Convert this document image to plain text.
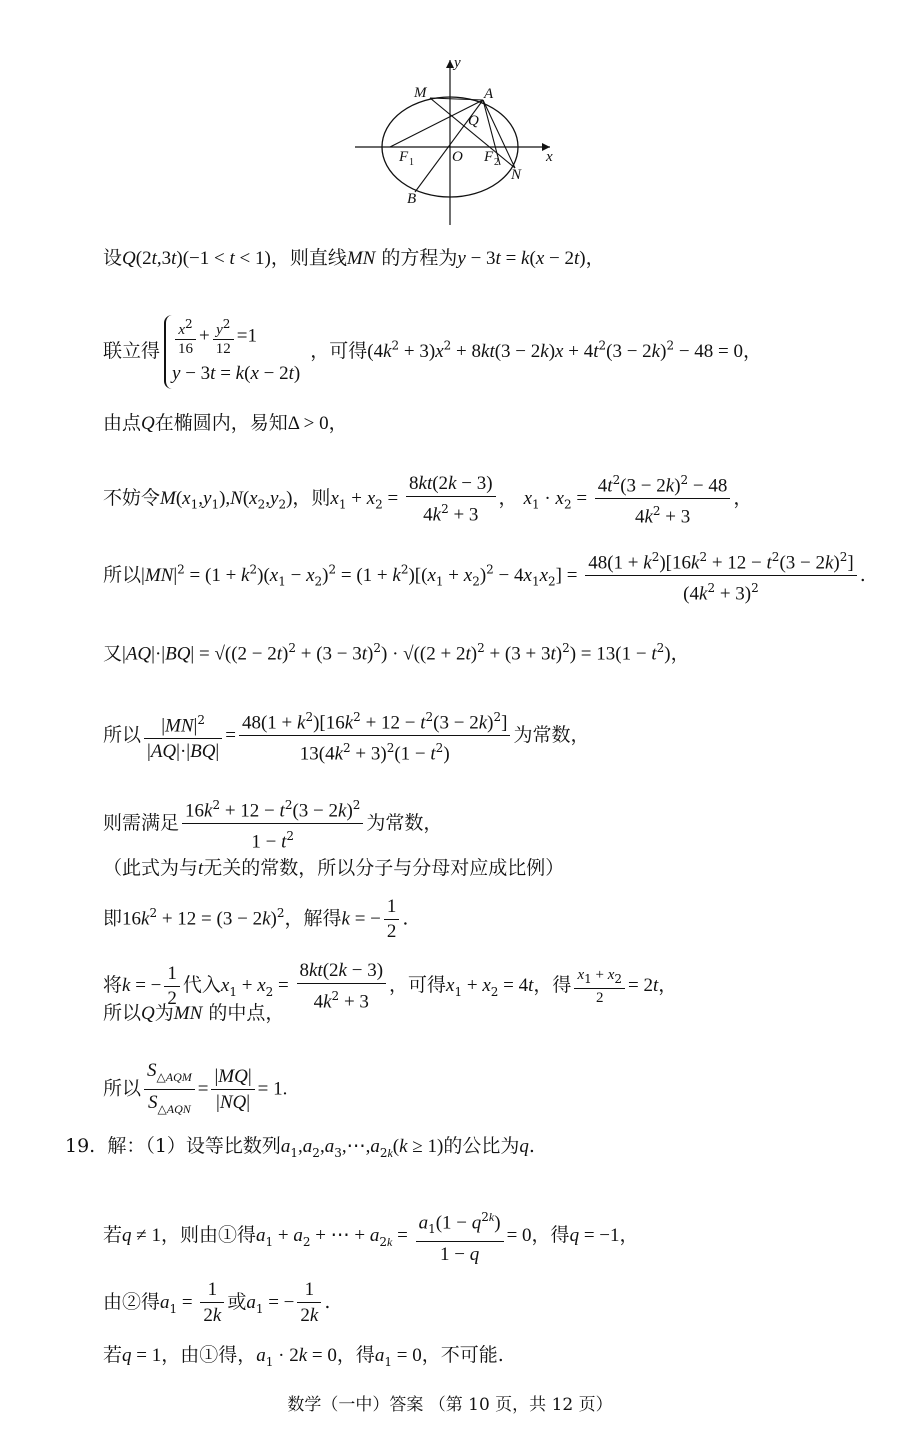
y
x
M	A
Q
F 1	O F 2
N
B
设Q(2t,3t)(−1 < t < 1)，则直线MN 的方程为y − 3t = k(x − 2t)，
联立得 $\frac{x^2}{16} + \frac{y^2}{12} =1$
y − 3t = k(x − 2t)
，可得$(4k^2 + 3)x^2 + 8kt(3 - 2k)x + 4t^2(3 - 2k)^2 - 48 = 0$，
由点Q在椭圆内，易知Δ > 0，
不妨令$M(x_1,y_1),N(x_2,y_2)$，则$x_1 + x_2 = \frac{8kt(2k - 3)}{4k^2 + 3}$ ， $x_1 \cdot x_2 = \frac{4t^2(3 - 2k)^2 - 48}{4k^2 + 3}$ ，
所以$|MN|^2 = (1 + k^2)(x_1 - x_2)^2 = (1 + k^2)[(x_1 + x_2)^2 - 4x_1x_2] = \frac{48(1 + k^2)[16k^2 + 12 - t^2(3 - 2k)^2]}{(4k^2 + 3)^2}$ .
又$|AQ|\cdot|BQ| = √((2 - 2t)^2 + (3 - 3t)^2) \cdot √((2 + 2t)^2 + (3 + 3t)^2) = 13(1 - t^2)$，
所以 $\frac{|MN|^2}{|AQ|\cdot|BQ|} = \frac{48(1 + k^2)[16k^2 + 12 - t^2(3 - 2k)^2]}{13(4k^2 + 3)^2(1 - t^2)}$ 为常数，
则需满足 $\frac{16k^2 + 12 - t^2(3 - 2k)^2}{1 - t^2}$ 为常数，
（此式为与t无关的常数，所以分子与分母对应成比例）
即$16k^2 + 12 = (3 - 2k)^2$，解得k = − $\frac{1}{2}$ .
将k = − $\frac{1}{2}$ 代入$x_1 + x_2 = \frac{8kt(2k - 3)}{4k^2 + 3}$ ，可得$x_1 + x_2 = 4t$，得 $\frac{x_1 + x_2}{2} = 2t$，
所以Q为MN 的中点，
所以 $\frac{S_{\triangle AQM}}{S_{\triangle AQN}} = \frac{|MQ|}{|NQ|} = 1$.
19. 解：（1）设等比数列$a_1,a_2,a_3,\cdots,a_{2k}(k \ge 1)$的公比为q.
若q ≠ 1，则由①得$a_1 + a_2$ + ⋯ + $a_{2k} = \frac{a_1(1 - q^{2k})}{1 - q} = 0$，得q = −1，
由②得$a_1 = \frac{1}{2k}$ 或$a_1$ = − $\frac{1}{2k}$ .
若q = 1，由①得，$a_1 \cdot 2k = 0$，得$a_1 = 0$，不可能.
数学（一中）答案 （第 10 页，共 12 页）
